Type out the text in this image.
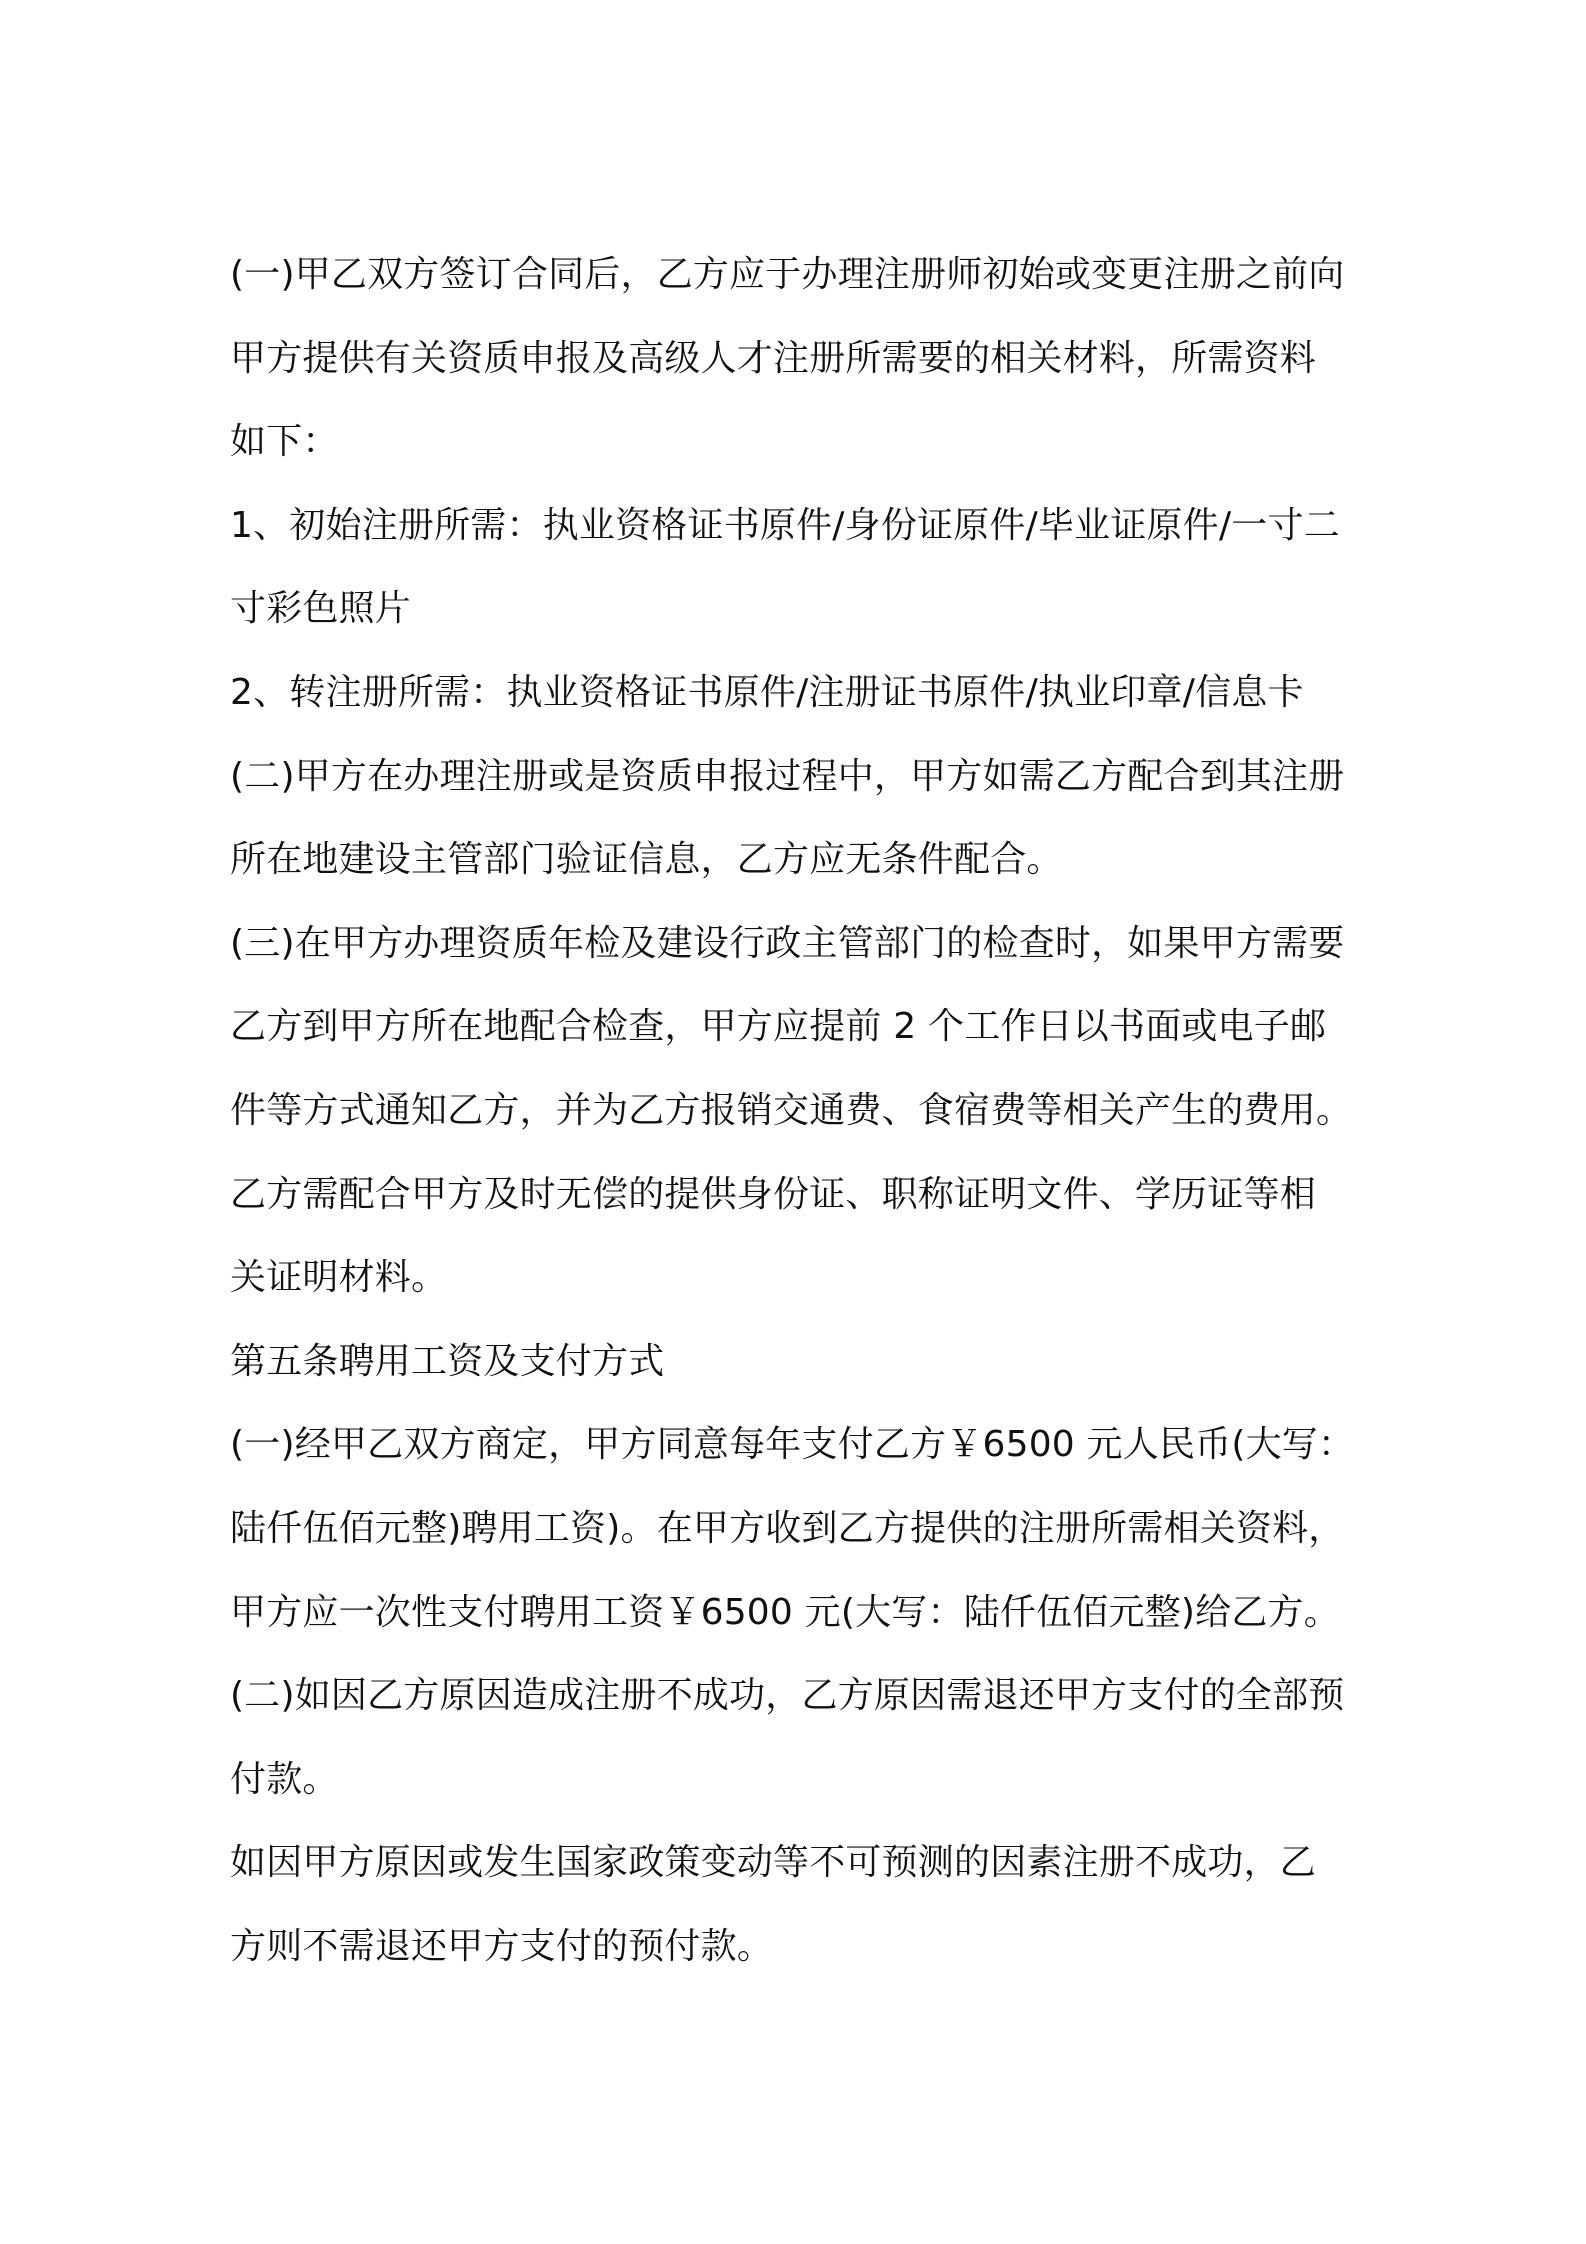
(一)甲乙双方签订合同后，乙方应于办理注册师初始或变更注册之前向
甲方提供有关资质申报及高级人才注册所需要的相关材料，所需资料
如下：
1、初始注册所需：执业资格证书原件/身份证原件/毕业证原件/一寸二
寸彩色照片
2、转注册所需：执业资格证书原件/注册证书原件/执业印章/信息卡
(二)甲方在办理注册或是资质申报过程中，甲方如需乙方配合到其注册
所在地建设主管部门验证信息，乙方应无条件配合。
(三)在甲方办理资质年检及建设行政主管部门的检查时，如果甲方需要
乙方到甲方所在地配合检查，甲方应提前 2 个工作日以书面或电子邮
件等方式通知乙方，并为乙方报销交通费、食宿费等相关产生的费用。
乙方需配合甲方及时无偿的提供身份证、职称证明文件、学历证等相
关证明材料。
第五条聘用工资及支付方式
(一)经甲乙双方商定，甲方同意每年支付乙方￥6500 元人民币(大写：
陆仟伍佰元整)聘用工资)。在甲方收到乙方提供的注册所需相关资料，
甲方应一次性支付聘用工资￥6500 元(大写：陆仟伍佰元整)给乙方。
(二)如因乙方原因造成注册不成功，乙方原因需退还甲方支付的全部预
付款。
如因甲方原因或发生国家政策变动等不可预测的因素注册不成功，乙
方则不需退还甲方支付的预付款。
